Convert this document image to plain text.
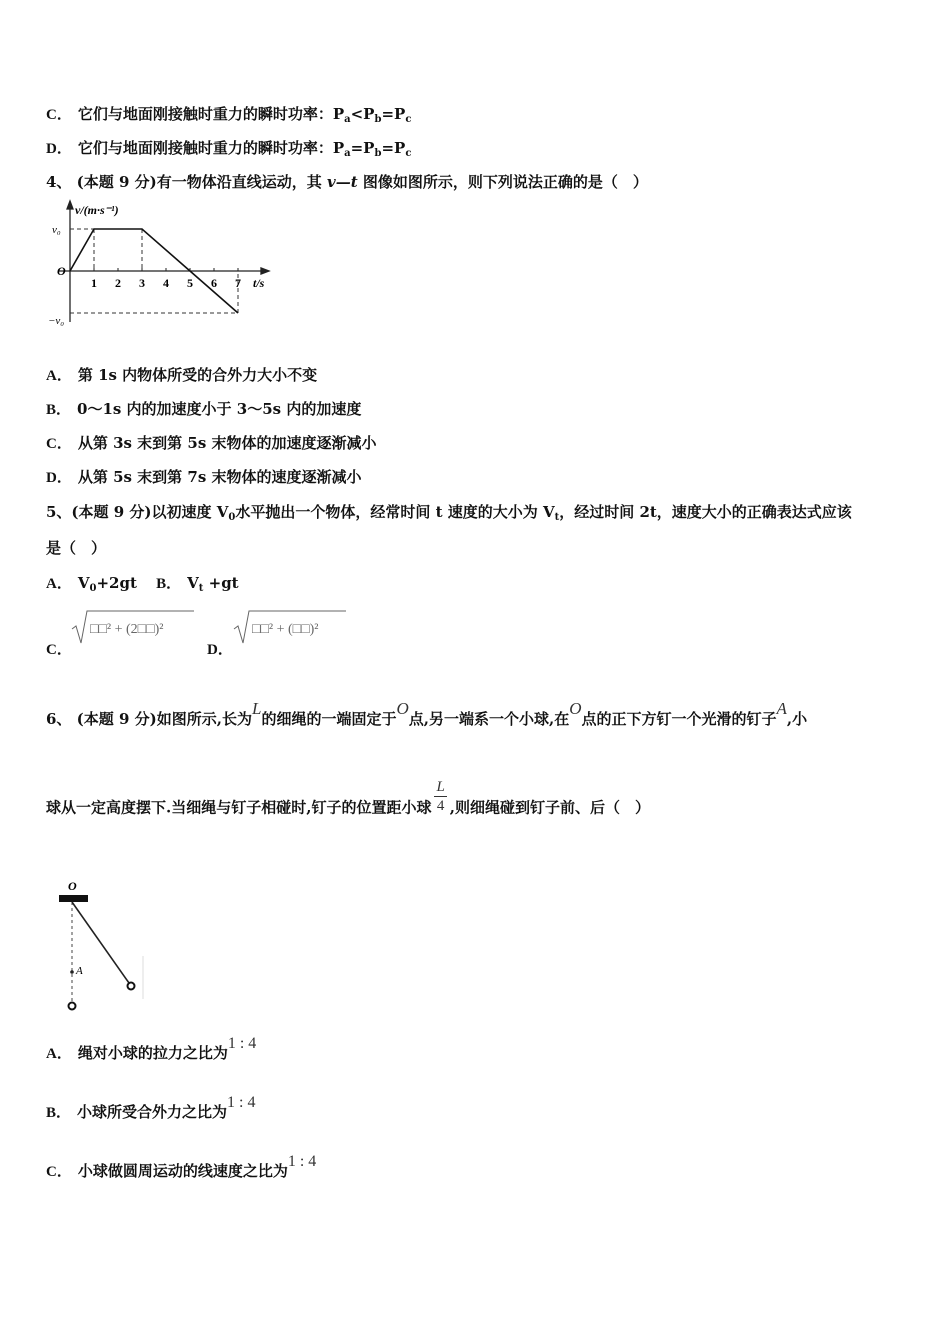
C． 它们与地面刚接触时重力的瞬时功率：$P_a<P_b=P_c$
D． 它们与地面刚接触时重力的瞬时功率：$P_a=P_b=P_c$
4、 (本题 9 分)有一物体沿直线运动，其 v—t 图像如图所示，则下列说法正确的是（　）
v/(m·s⁻¹)
t/s
O
v₀
−v₀
1 2 3 4 5 6 7
A． 第 1s 内物体所受的合外力大小不变
B． 0～1s 内的加速度小于 3～5s 内的加速度
C． 从第 3s 末到第 5s 末物体的加速度逐渐减小
D． 从第 5s 末到第 7s 末物体的速度逐渐减小
5、(本题 9 分)以初速度 $V_0$水平抛出一个物体，经常时间 t 速度的大小为 $V_t$，经过时间 2t，速度大小的正确表达式应该
是（　）
A． $V_0+2gt$ B． $V_t +gt$
C．
□□² + (2□□)²
D．
□□² + (□□)²
6、 (本题 9 分)如图所示,长为L的细绳的一端固定于O点,另一端系一个小球,在O点的正下方钉一个光滑的钉子A,小
球从一定高度摆下.当细绳与钉子相碰时,钉子的位置距小球 $\frac{L}{4}$ ,则细绳碰到钉子前、后（　）
O
A
A． 绳对小球的拉力之比为1 : 4
B． 小球所受合外力之比为1 : 4
C． 小球做圆周运动的线速度之比为1 : 4
